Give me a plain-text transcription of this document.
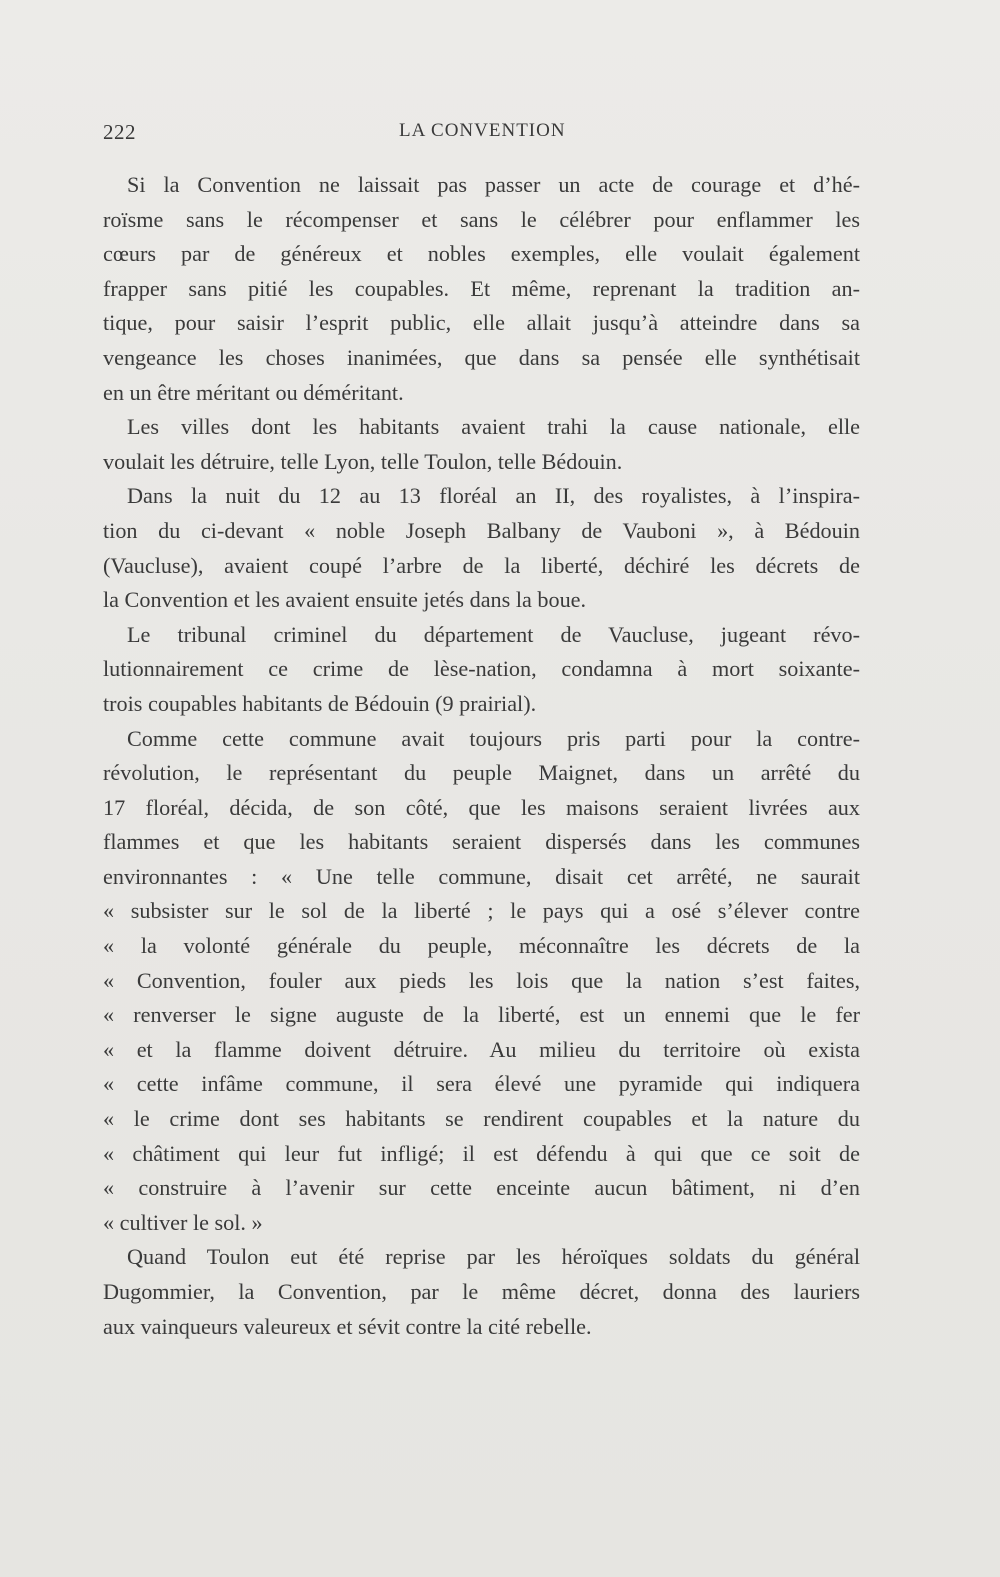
222	LA CONVENTION

Si la Convention ne laissait pas passer un acte de courage et d’hé-
roïsme sans le récompenser et sans le célébrer pour enflammer les
cœurs par de généreux et nobles exemples, elle voulait également
frapper sans pitié les coupables. Et même, reprenant la tradition an-
tique, pour saisir l’esprit public, elle allait jusqu’à atteindre dans sa
vengeance les choses inanimées, que dans sa pensée elle synthétisait
en un être méritant ou déméritant.

Les villes dont les habitants avaient trahi la cause nationale, elle
voulait les détruire, telle Lyon, telle Toulon, telle Bédouin.

Dans la nuit du 12 au 13 floréal an II, des royalistes, à l’inspira-
tion du ci-devant « noble Joseph Balbany de Vauboni », à Bédouin
(Vaucluse), avaient coupé l’arbre de la liberté, déchiré les décrets de
la Convention et les avaient ensuite jetés dans la boue.

Le tribunal criminel du département de Vaucluse, jugeant révo-
lutionnairement ce crime de lèse-nation, condamna à mort soixante-
trois coupables habitants de Bédouin (9 prairial).

Comme cette commune avait toujours pris parti pour la contre-
révolution, le représentant du peuple Maignet, dans un arrêté du
17 floréal, décida, de son côté, que les maisons seraient livrées aux
flammes et que les habitants seraient dispersés dans les communes
environnantes : « Une telle commune, disait cet arrêté, ne saurait
« subsister sur le sol de la liberté ; le pays qui a osé s’élever contre
« la volonté générale du peuple, méconnaître les décrets de la
« Convention, fouler aux pieds les lois que la nation s’est faites,
« renverser le signe auguste de la liberté, est un ennemi que le fer
« et la flamme doivent détruire. Au milieu du territoire où exista
« cette infâme commune, il sera élevé une pyramide qui indiquera
« le crime dont ses habitants se rendirent coupables et la nature du
« châtiment qui leur fut infligé; il est défendu à qui que ce soit de
« construire à l’avenir sur cette enceinte aucun bâtiment, ni d’en
« cultiver le sol. »

Quand Toulon eut été reprise par les héroïques soldats du général
Dugommier, la Convention, par le même décret, donna des lauriers
aux vainqueurs valeureux et sévit contre la cité rebelle.
